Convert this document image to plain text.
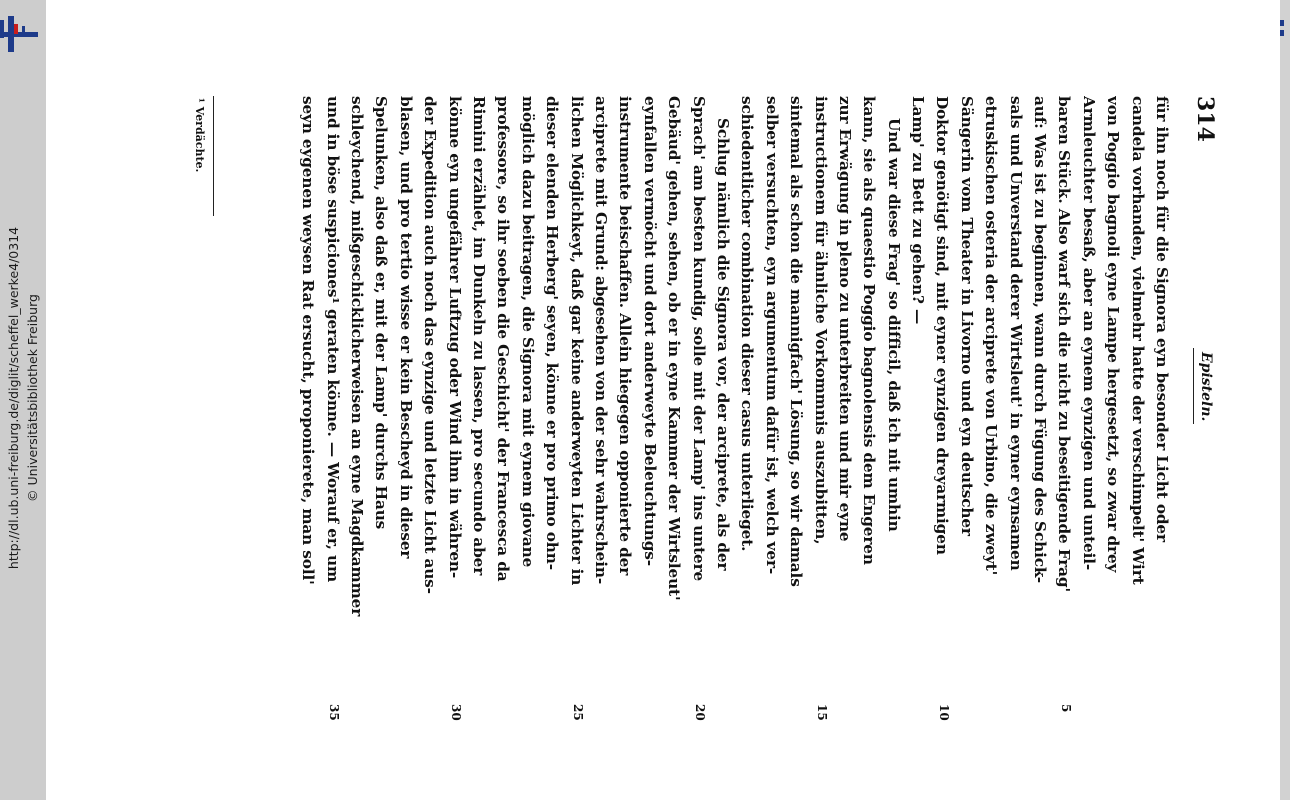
http://dl.ub.uni-freiburg.de/diglit/scheffel_werke4/0314 © Universitätsbibliothek Freiburg
314
Episteln.
für ihn noch für die Signora eyn besonder Licht oder
candela vorhanden, vielmehr hatte der verschimpelt' Wirt
von Poggio bagnoli eyne Lampe hergesetzt, so zwar drey
Armleuchter besaß, aber an eynem eynzigen und unteil-
baren Stück. Also warf sich die nicht zu beseitigende Frag'
auf: Was ist zu beginnen, wann durch Fügung des Schick-
sals und Unverstand derer Wirtsleut' in eyner eynsamen
etruskischen osteria der arciprete von Urbino, die zweyt'
Sängerin vom Theater in Livorno und eyn deutscher
Doktor genötigt sind, mit eyner eynzigen dreyarmigen
Lamp' zu Bett zu gehen? —
Und war diese Frag' so difficil, daß ich nit umhin
kann, sie als quaestio Poggio bagnolensis dem Engeren
zur Erwägung in pleno zu unterbreiten und mir eyne
instructionem für ähnliche Vorkommnis auszubitten,
sintemal als schon die mannigfach' Lösung, so wir damals
selber versuchten, eyn argumentum dafür ist, welch ver-
schiedentlicher combination dieser casus unterlieget.
Schlug nämlich die Signora vor, der arciprete, als der
Sprach' am besten kundig, solle mit der Lamp' ins untere
Gebäud' gehen, sehen, ob er in eyne Kammer der Wirtsleut'
eynfallen vermöcht und dort anderweyte Beleuchtungs-
instrumente beischaffen. Allein hiegegen opponierte der
arciprete mit Grund: abgesehen von der sehr wahrschein-
lichen Möglichkeyt, daß gar keine anderweyten Lichter in
dieser elenden Herberg' seyen, könne er pro primo ohn-
möglich dazu beitragen, die Signora mit eynem giovane
professore, so ihr soeben die Geschicht' der Francesca da
Rimini erzählet, im Dunkeln zu lassen, pro secundo aber
könne eyn ungefährer Luftzug oder Wind ihm in währen-
der Expedition auch noch das eynzige und letzte Licht aus-
blasen, und pro tertio wisse er kein Bescheyd in dieser
Spelunken, also daß er, mit der Lamp' durchs Haus
schleychend, mißgeschicklicherweisen an eyne Magdkammer
und in böse suspiciones¹ geraten könne. — Worauf er, um
seyn eygenen weysen Rat ersucht, proponierete, man soll'
5
10
15
20
25
30
35
¹ Verdächte.
